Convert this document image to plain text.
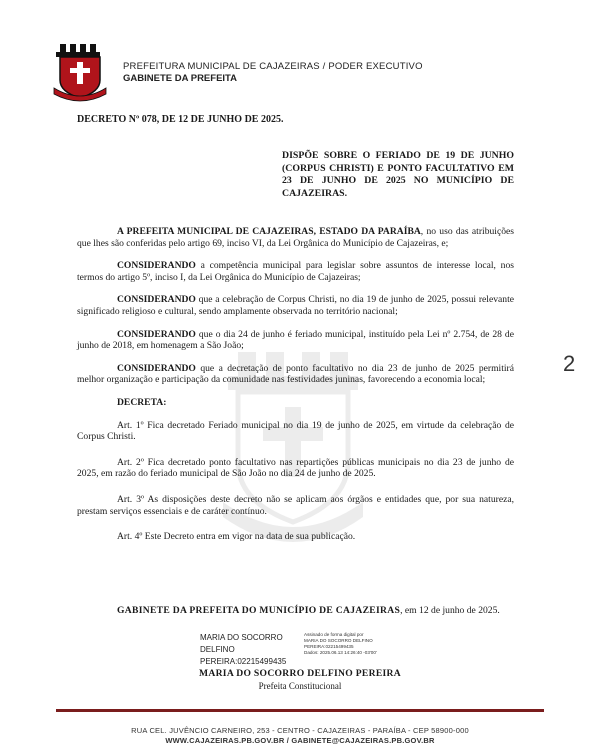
PREFEITURA MUNICIPAL DE CAJAZEIRAS / PODER EXECUTIVO
GABINETE DA PREFEITA
DECRETO Nº 078, DE 12 DE JUNHO DE 2025.
DISPÕE SOBRE O FERIADO DE 19 DE JUNHO (CORPUS CHRISTI) E PONTO FACULTATIVO EM 23 DE JUNHO DE 2025 NO MUNICÍPIO DE CAJAZEIRAS.

A PREFEITA MUNICIPAL DE CAJAZEIRAS, ESTADO DA PARAÍBA, no uso das atribuições que lhes são conferidas pelo artigo 69, inciso VI, da Lei Orgânica do Município de Cajazeiras, e;

CONSIDERANDO a competência municipal para legislar sobre assuntos de interesse local, nos termos do artigo 5º, inciso I, da Lei Orgânica do Município de Cajazeiras;

CONSIDERANDO que a celebração de Corpus Christi, no dia 19 de junho de 2025, possui relevante significado religioso e cultural, sendo amplamente observada no território nacional;

CONSIDERANDO que o dia 24 de junho é feriado municipal, instituído pela Lei nº 2.754, de 28 de junho de 2018, em homenagem a São João;

CONSIDERANDO que a decretação de ponto facultativo no dia 23 de junho de 2025 permitirá melhor organização e participação da comunidade nas festividades juninas, favorecendo a economia local;

DECRETA:

Art. 1º Fica decretado Feriado municipal no dia 19 de junho de 2025, em virtude da celebração de Corpus Christi.

Art. 2º Fica decretado ponto facultativo nas repartições públicas municipais no dia 23 de junho de 2025, em razão do feriado municipal de São João no dia 24 de junho de 2025.

Art. 3º As disposições deste decreto não se aplicam aos órgãos e entidades que, por sua natureza, prestam serviços essenciais e de caráter contínuo.

Art. 4º Este Decreto entra em vigor na data de sua publicação.

GABINETE DA PREFEITA DO MUNICÍPIO DE CAJAZEIRAS, em 12 de junho de 2025.
MARIA DO SOCORRO
DELFINO
PEREIRA:02215499435
Assinado de forma digital por
MARIA DO SOCORRO DELFINO
PEREIRA:02215499435
Dados: 2025.06.13 14:26:40 -03'00'
MARIA DO SOCORRO DELFINO PEREIRA
Prefeita Constitucional
RUA CEL. JUVÊNCIO CARNEIRO, 253 - CENTRO - CAJAZEIRAS - PARAÍBA - CEP 58900-000
WWW.CAJAZEIRAS.PB.GOV.BR / GABINETE@CAJAZEIRAS.PB.GOV.BR
2
